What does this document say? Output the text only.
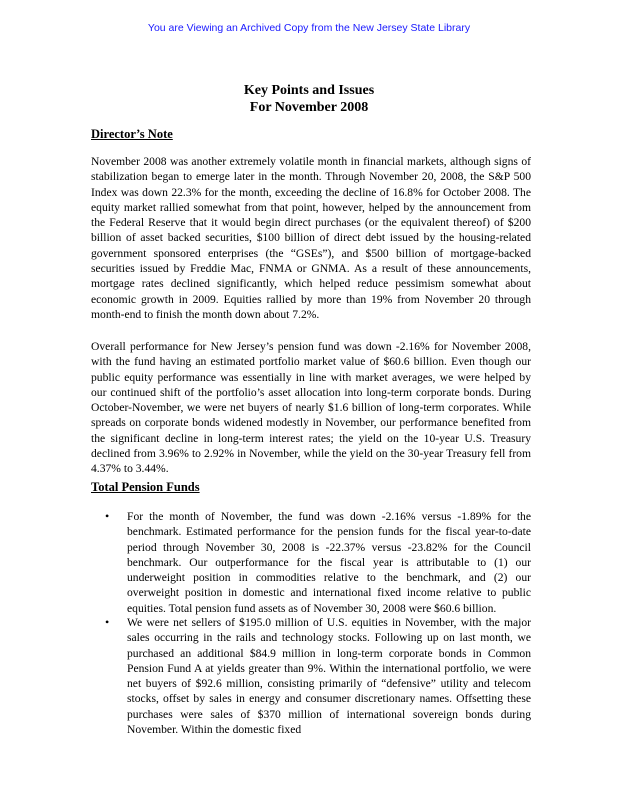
You are Viewing an Archived Copy from the New Jersey State Library
Key Points and Issues
For November 2008
Director’s Note

November 2008 was another extremely volatile month in financial markets, although signs of stabilization began to emerge later in the month. Through November 20, 2008, the S&P 500 Index was down 22.3% for the month, exceeding the decline of 16.8% for October 2008. The equity market rallied somewhat from that point, however, helped by the announcement from the Federal Reserve that it would begin direct purchases (or the equivalent thereof) of $200 billion of asset backed securities, $100 billion of direct debt issued by the housing-related government sponsored enterprises (the “GSEs”), and $500 billion of mortgage-backed securities issued by Freddie Mac, FNMA or GNMA. As a result of these announcements, mortgage rates declined significantly, which helped reduce pessimism somewhat about economic growth in 2009. Equities rallied by more than 19% from November 20 through month-end to finish the month down about 7.2%.

Overall performance for New Jersey’s pension fund was down -2.16% for November 2008, with the fund having an estimated portfolio market value of $60.6 billion. Even though our public equity performance was essentially in line with market averages, we were helped by our continued shift of the portfolio’s asset allocation into long-term corporate bonds. During October-November, we were net buyers of nearly $1.6 billion of long-term corporates. While spreads on corporate bonds widened modestly in November, our performance benefited from the significant decline in long-term interest rates; the yield on the 10-year U.S. Treasury declined from 3.96% to 2.92% in November, while the yield on the 30-year Treasury fell from 4.37% to 3.44%.

Total Pension Funds
• For the month of November, the fund was down -2.16% versus -1.89% for the benchmark. Estimated performance for the pension funds for the fiscal year-to-date period through November 30, 2008 is -22.37% versus -23.82% for the Council benchmark. Our outperformance for the fiscal year is attributable to (1) our underweight position in commodities relative to the benchmark, and (2) our overweight position in domestic and international fixed income relative to public equities. Total pension fund assets as of November 30, 2008 were $60.6 billion.

• We were net sellers of $195.0 million of U.S. equities in November, with the major sales occurring in the rails and technology stocks. Following up on last month, we purchased an additional $84.9 million in long-term corporate bonds in Common Pension Fund A at yields greater than 9%. Within the international portfolio, we were net buyers of $92.6 million, consisting primarily of “defensive” utility and telecom stocks, offset by sales in energy and consumer discretionary names. Offsetting these purchases were sales of $370 million of international sovereign bonds during November. Within the domestic fixed
